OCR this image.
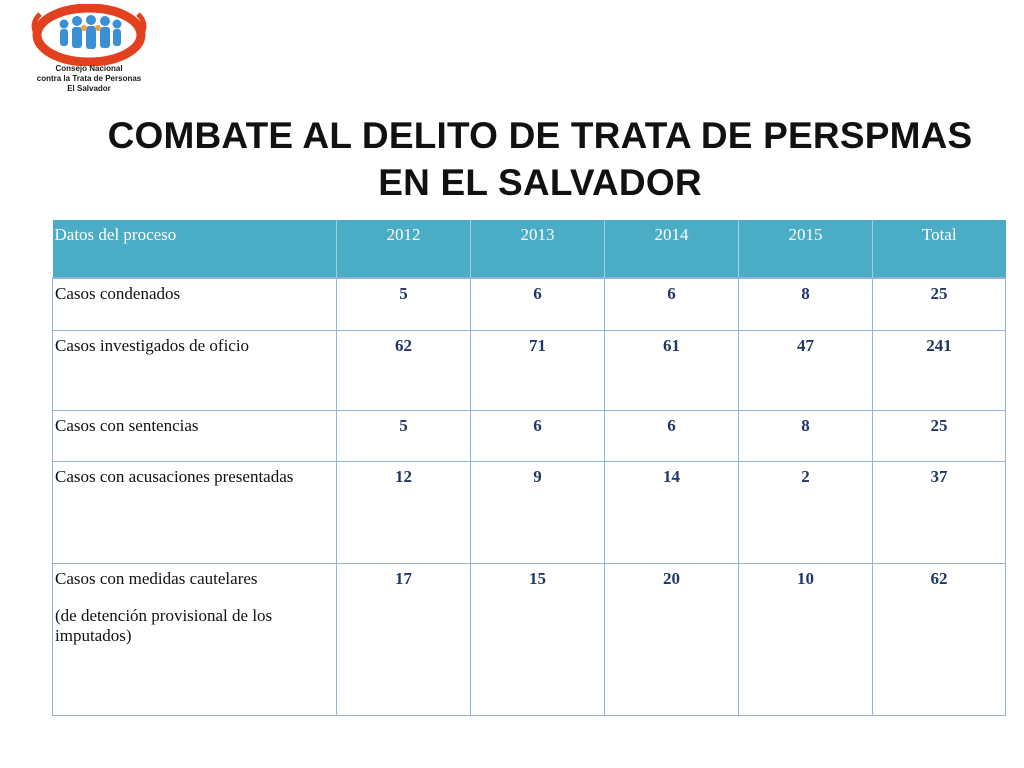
Consejo Nacional
contra la Trata de Personas
El Salvador
COMBATE AL DELITO DE TRATA DE PERSPMAS
EN EL SALVADOR
Datos del proceso	2012	2013	2014	2015	Total
Casos condenados	5	6	6	8	25
Casos investigados de oficio	62	71	61	47	241
Casos con sentencias	5	6	6	8	25
Casos con acusaciones presentadas	12	9	14	2	37
Casos con medidas cautelares
(de detención provisional de los imputados)	17	15	20	10	62
